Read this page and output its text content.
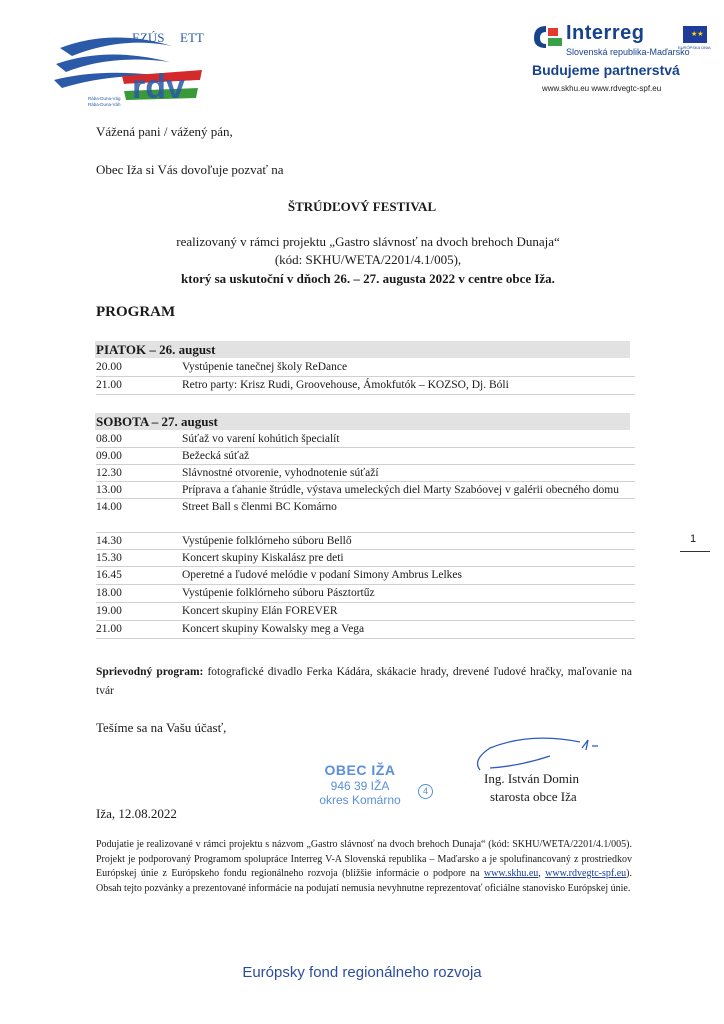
rdv
EZÚS ETT
Rába-Duna-Vág
Rába-Duna-Váh
Interreg	★★
EURÓPSKA ÚNIA
Slovenská republika-Maďarsko
Budujeme partnerstvá
www.skhu.eu www.rdvegtc-spf.eu
Vážená pani / vážený pán,
Obec Iža si Vás dovoľuje pozvať na
ŠTRÚDĽOVÝ FESTIVAL
realizovaný v rámci projektu „Gastro slávnosť na dvoch brehoch Dunaja“
(kód: SKHU/WETA/2201/4.1/005),
ktorý sa uskutoční v dňoch 26. – 27. augusta 2022 v centre obce Iža.
PROGRAM
PIATOK – 26. august
20.00	Vystúpenie tanečnej školy ReDance
21.00	Retro party: Krisz Rudi, Groovehouse, Ámokfutók – KOZSO, Dj. Bóli
SOBOTA – 27. august
08.00	Súťaž vo varení kohútich špecialít
09.00	Bežecká súťaž
12.30	Slávnostné otvorenie, vyhodnotenie súťaží
13.00	Príprava a ťahanie štrúdle, výstava umeleckých diel Marty Szabóovej v galérii obecného domu
14.00	Street Ball s členmi BC Komárno
14.30	Vystúpenie folklórneho súboru Bellő
15.30	Koncert skupiny Kiskalász pre deti
16.45	Operetné a ľudové melódie v podaní Simony Ambrus Lelkes
18.00	Vystúpenie folklórneho súboru Pásztortűz
19.00	Koncert skupiny Elán FOREVER
21.00	Koncert skupiny Kowalsky meg a Vega
Sprievodný program: fotografické divadlo Ferka Kádára, skákacie hrady, drevené ľudové hračky, maľovanie na tvár
Tešíme sa na Vašu účasť,
OBEC IŽA
946 39 IŽA
okres Komárno
4
Ing. István Domin
starosta obce Iža
Iža, 12.08.2022
Podujatie je realizované v rámci projektu s názvom „Gastro slávnosť na dvoch brehoch Dunaja“ (kód: SKHU/WETA/2201/4.1/005). Projekt je podporovaný Programom spolupráce Interreg V-A Slovenská republika – Maďarsko a je spolufinancovaný z prostriedkov Európskej únie z Európskeho fondu regionálneho rozvoja (bližšie informácie o podpore na www.skhu.eu, www.rdvegtc-spf.eu). Obsah tejto pozvánky a prezentované informácie na podujatí nemusia nevyhnutne reprezentovať oficiálne stanovisko Európskej únie.
1
Európsky fond regionálneho rozvoja
